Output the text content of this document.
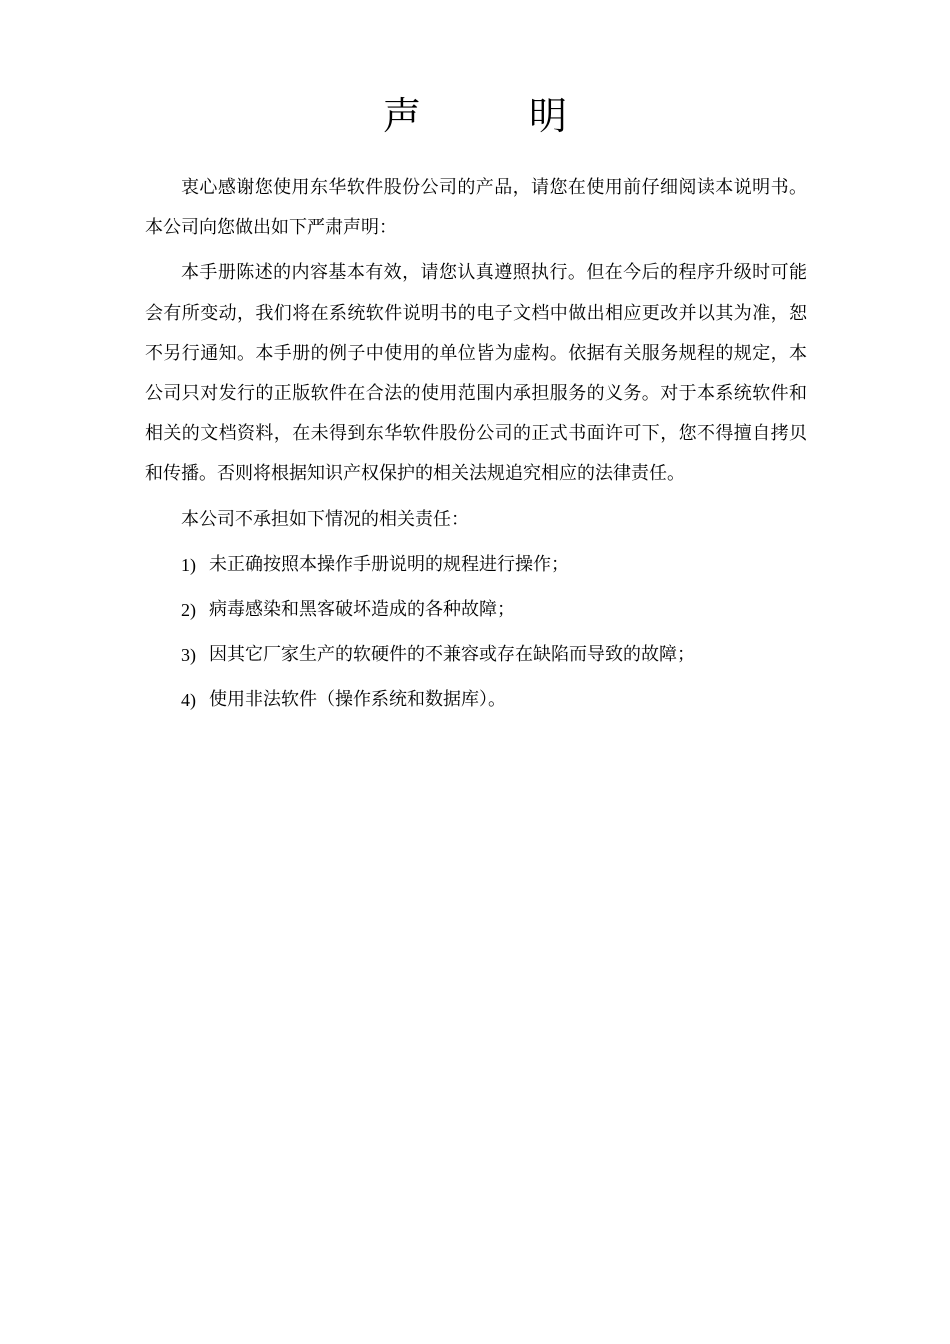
声 明

衷心感谢您使用东华软件股份公司的产品，请您在使用前仔细阅读本说明书。本公司向您做出如下严肃声明：

本手册陈述的内容基本有效，请您认真遵照执行。但在今后的程序升级时可能会有所变动，我们将在系统软件说明书的电子文档中做出相应更改并以其为准，恕不另行通知。本手册的例子中使用的单位皆为虚构。依据有关服务规程的规定，本公司只对发行的正版软件在合法的使用范围内承担服务的义务。对于本系统软件和相关的文档资料，在未得到东华软件股份公司的正式书面许可下，您不得擅自拷贝和传播。否则将根据知识产权保护的相关法规追究相应的法律责任。

本公司不承担如下情况的相关责任：

1) 未正确按照本操作手册说明的规程进行操作；
2) 病毒感染和黑客破坏造成的各种故障；
3) 因其它厂家生产的软硬件的不兼容或存在缺陷而导致的故障；
4) 使用非法软件（操作系统和数据库）。
